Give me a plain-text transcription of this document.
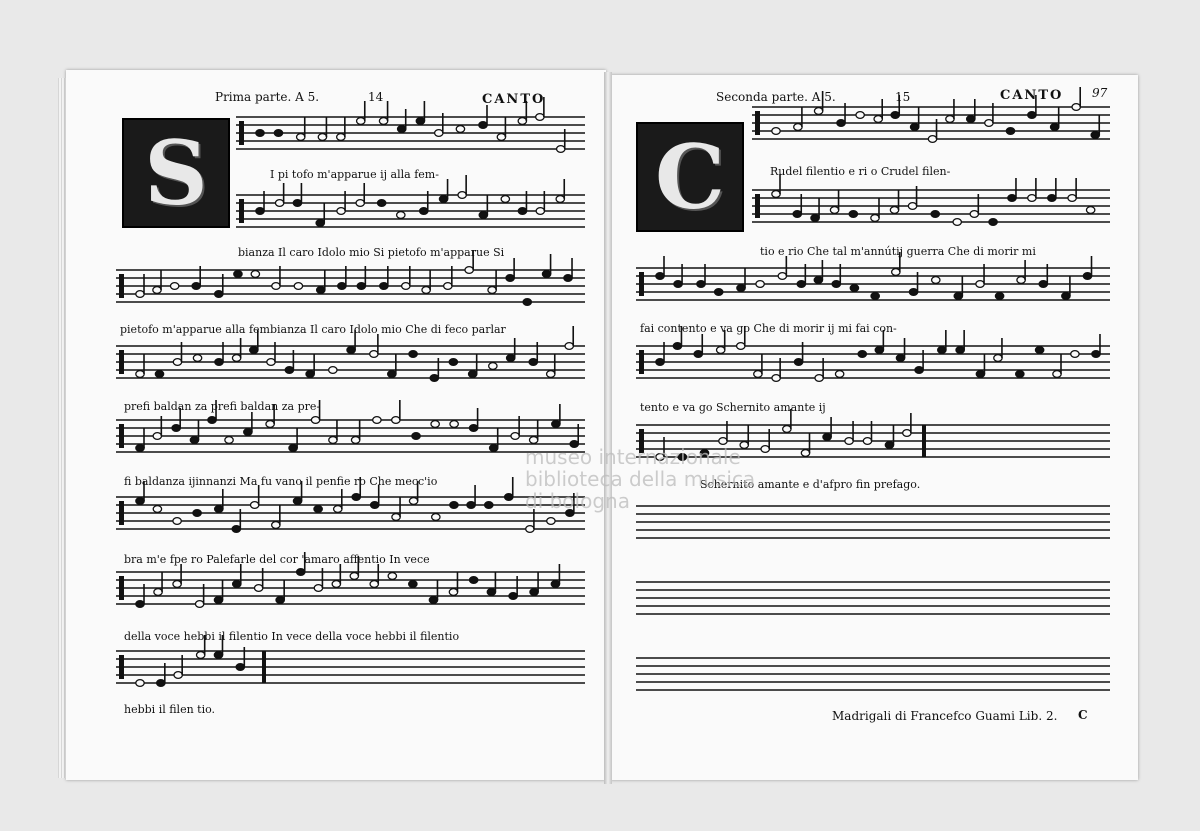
Prima parte. A 5.	14	CANTO
S	I pi tofo m'apparue ij alla fem-
bianza Il caro Idolo mio Si pietofo m'apparue Si
pietofo m'apparue alla fembianza Il caro Idolo mio Che di feco parlar
prefi baldan za prefi baldan za pre-
fi baldanza ijinnanzi Ma fu vano il penfie ro Che mecc'io
bra m'e fpe ro Palefarle del cor 'amaro affentio In vece
della voce hebbi il filentio In vece della voce hebbi il filentio
hebbi il filen tio.
Seconda parte. A 5.	15	CANTO 97
C	Rudel filentio e ri o Crudel filen-
tio e rio Che tal m'annútij guerra Che di morir mi
fai contento e va go Che di morir ij mi fai con-
tento e va go Schernito amante ij
Schernito amante e d'afpro fin prefago.
Madrigali di Francefco Guami Lib. 2. C
museo internazionale
biblioteca della musica
di bologna
